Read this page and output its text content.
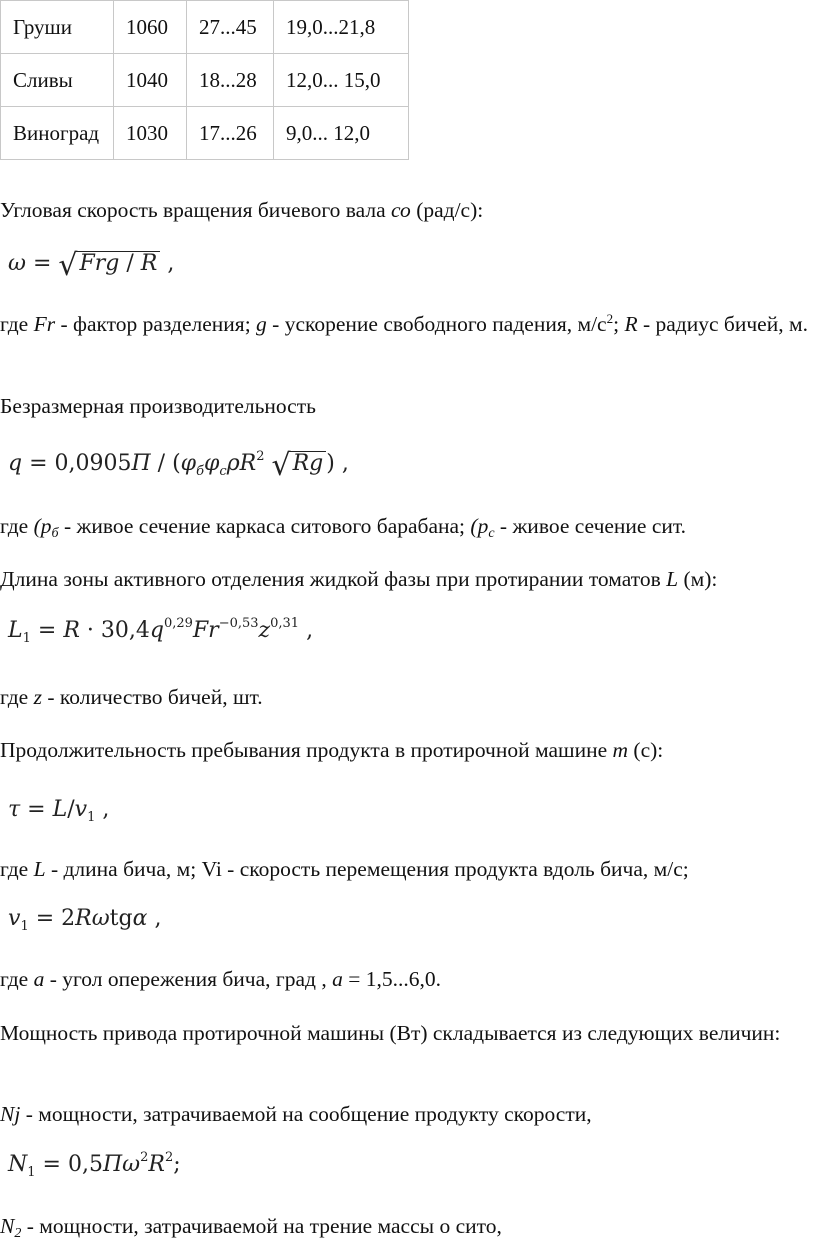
Груши	1060	27...45	19,0...21,8
Сливы	1040	18...28	12,0... 15,0
Виноград	1030	17...26	9,0... 12,0

Угловая скорость вращения бичевого вала со (рад/с):

ω = √Frg / R ,

где Fr - фактор разделения; g - ускорение свободного падения, $м/с^2$; R - радиус бичей, м.

Безразмерная производительность

$q = 0,0905П / (\varphi_б\varphi_c\rho R^2$ √Rg ) ,

где ($р_б$ - живое сечение каркаса ситового барабана; ($р_с$ - живое сечение сит.

Длина зоны активного отделения жидкой фазы при протирании томатов L (м):

$L_1 = R \cdot 30,4q^{0,29}Fr^{-0,53}z^{0,31}$ ,

где z - количество бичей, шт.

Продолжительность пребывания продукта в протирочной машине т (с):

$\tau = L/v_1$ ,

где L - длина бича, м; Vi - скорость перемещения продукта вдоль бича, м/с;

$v_1 = 2R\omega tg\alpha$ ,

где а - угол опережения бича, град , а = 1,5...6,0.

Мощность привода протирочной машины (Вт) складывается из следующих величин:

Nj - мощности, затрачиваемой на сообщение продукту скорости,

$N_1 = 0,5П\omega^2R^2$;

$N_2$ - мощности, затрачиваемой на трение массы о сито,
